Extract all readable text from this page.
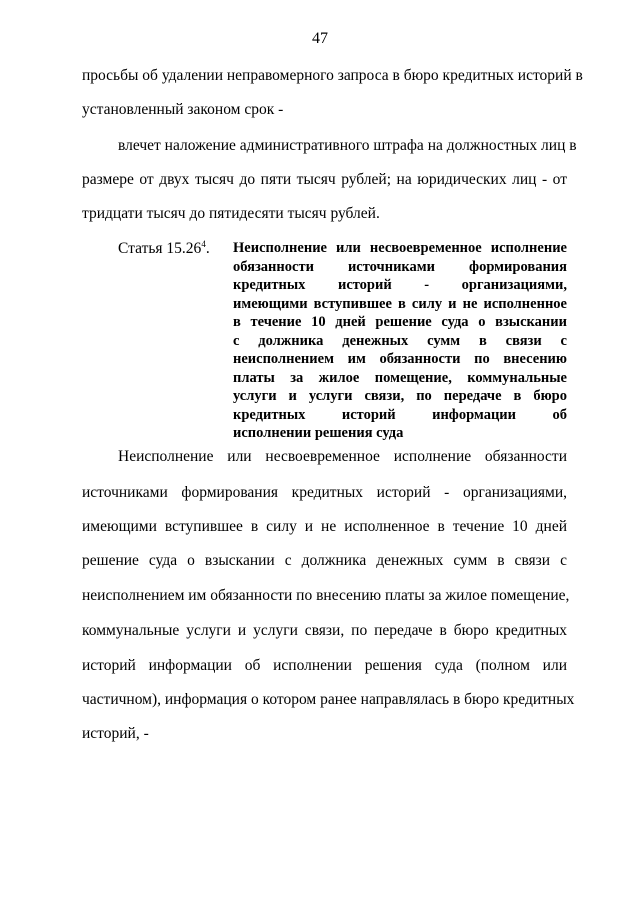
47
просьбы об удалении неправомерного запроса в бюро кредитных историй в
установленный законом срок -
влечет наложение административного штрафа на должностных лиц в
размере от двух тысяч до пяти тысяч рублей; на юридических лиц - от
тридцати тысяч до пятидесяти тысяч рублей.
Статья 15.26$^4$. Неисполнение или несвоевременное исполнение
обязанности источниками формирования
кредитных историй - организациями,
имеющими вступившее в силу и не исполненное
в течение 10 дней решение суда о взыскании
с должника денежных сумм в связи с
неисполнением им обязанности по внесению
платы за жилое помещение, коммунальные
услуги и услуги связи, по передаче в бюро
кредитных историй информации об
исполнении решения суда
Неисполнение или несвоевременное исполнение обязанности
источниками формирования кредитных историй - организациями,
имеющими вступившее в силу и не исполненное в течение 10 дней
решение суда о взыскании с должника денежных сумм в связи с
неисполнением им обязанности по внесению платы за жилое помещение,
коммунальные услуги и услуги связи, по передаче в бюро кредитных
историй информации об исполнении решения суда (полном или
частичном), информация о котором ранее направлялась в бюро кредитных
историй, -
